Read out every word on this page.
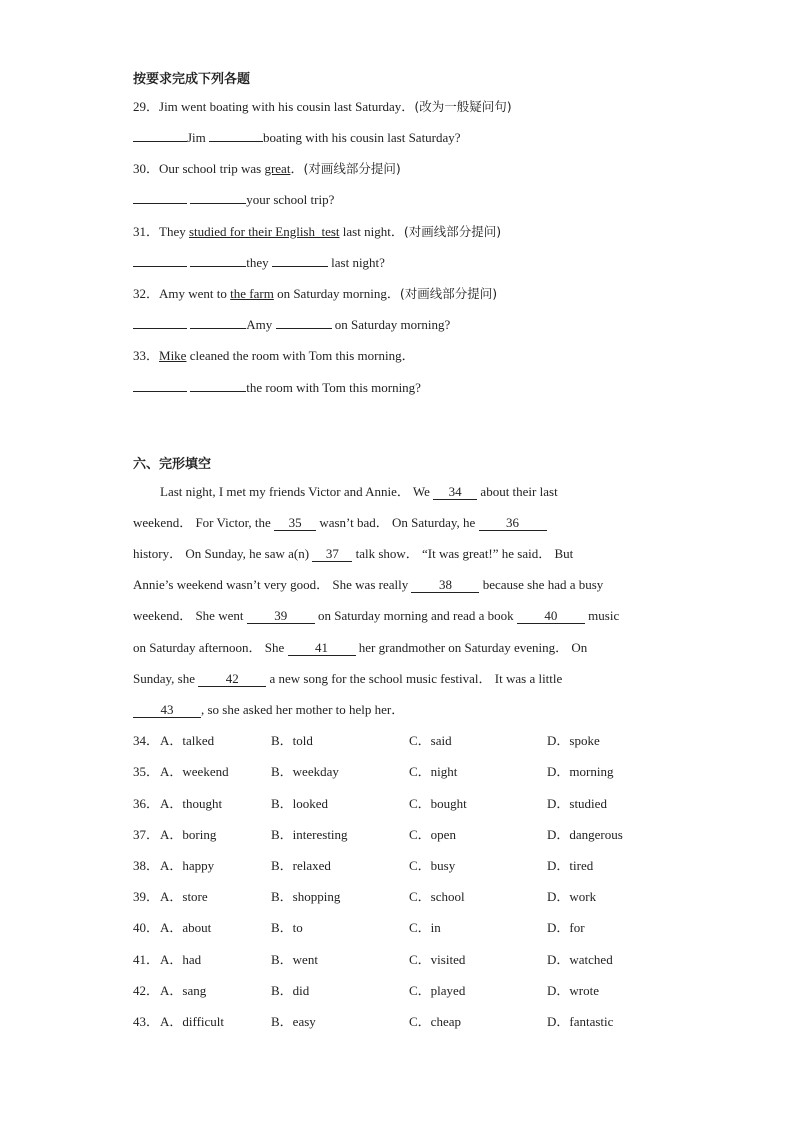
按要求完成下列各题
29．Jim went boating with his cousin last Saturday．(改为一般疑问句)
Jim	boating with his cousin last Saturday?
30．Our school trip was great．(对画线部分提问)
your school trip?
31．They studied for their English  test last night．(对画线部分提问)
they	last night?
32．Amy went to the farm on Saturday morning．(对画线部分提问)
Amy	on Saturday morning?
33．Mike cleaned the room with Tom this morning．
the room with Tom this morning?
六、完形填空
Last night, I met my friends Victor and Annie． We 34 about their last
weekend． For Victor, the 35 wasn’t bad． On Saturday, he 36
history． On Sunday, he saw a(n) 37 talk show． “It was great!” he said． But
Annie’s weekend wasn’t very good． She was really 38 because she had a busy
weekend． She went 39 on Saturday morning and read a book 40 music
on Saturday afternoon． She 41 her grandmother on Saturday evening． On
Sunday, she 42 a new song for the school music festival． It was a little
43 , so she asked her mother to help her．
34． A．talked	B．told	C．said	D．spoke
35． A．weekend	B．weekday	C．night	D．morning
36． A．thought	B．looked	C．bought	D．studied
37． A．boring	B．interesting	C．open	D．dangerous
38． A．happy	B．relaxed	C．busy	D．tired
39． A．store	B．shopping	C．school	D．work
40． A．about	B．to	C．in	D．for
41． A．had	B．went	C．visited	D．watched
42． A．sang	B．did	C．played	D．wrote
43． A．difficult	B．easy	C．cheap	D．fantastic
